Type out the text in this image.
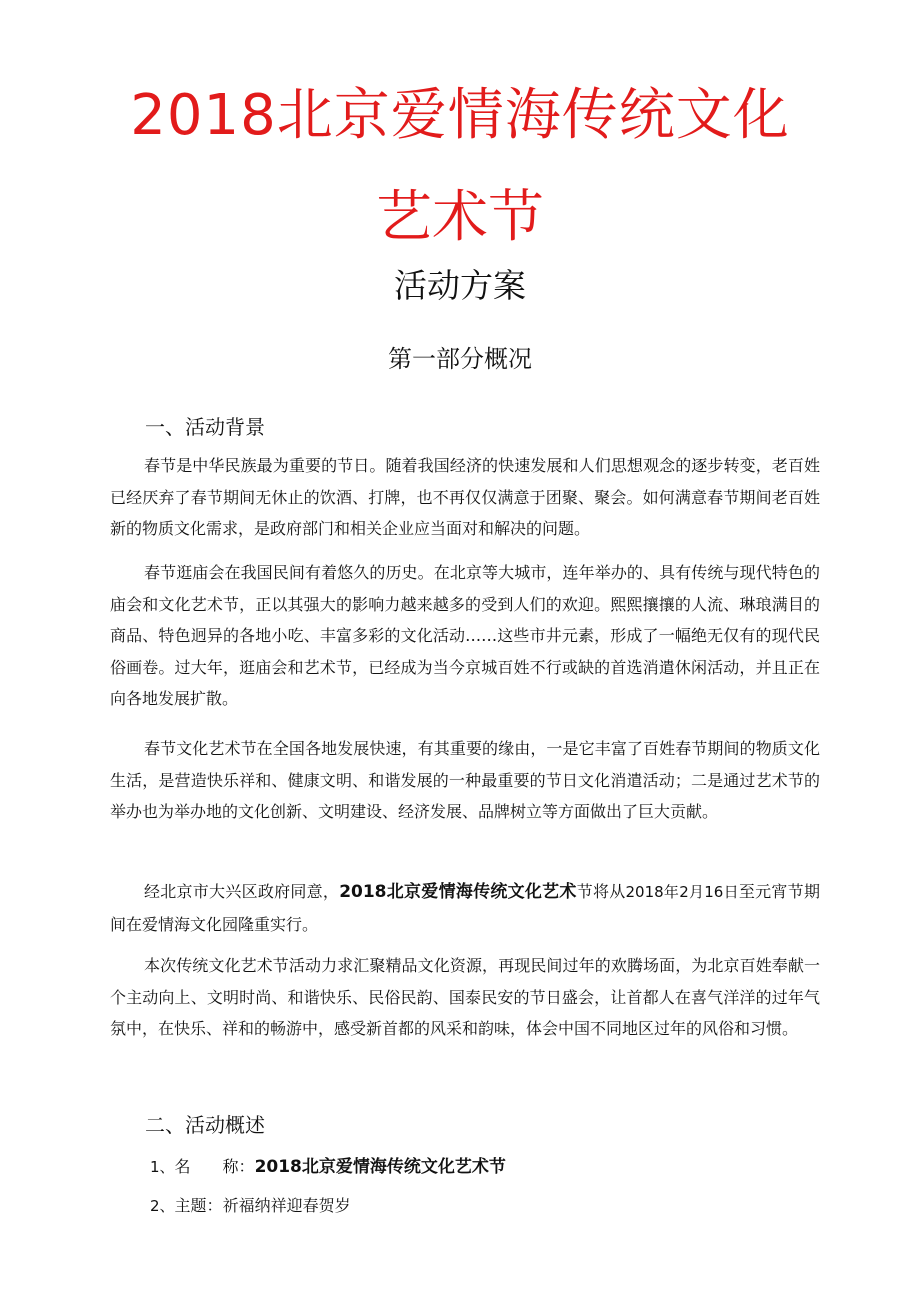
2018北京爱情海传统文化
艺术节
活动方案
第一部分概况
一、活动背景

春节是中华民族最为重要的节日。随着我国经济的快速发展和人们思想观念的逐步转变，老百姓已经厌弃了春节期间无休止的饮酒、打牌，也不再仅仅满意于团聚、聚会。如何满意春节期间老百姓新的物质文化需求，是政府部门和相关企业应当面对和解决的问题。

春节逛庙会在我国民间有着悠久的历史。在北京等大城市，连年举办的、具有传统与现代特色的庙会和文化艺术节，正以其强大的影响力越来越多的受到人们的欢迎。熙熙攘攘的人流、琳琅满目的商品、特色迥异的各地小吃、丰富多彩的文化活动……这些市井元素，形成了一幅绝无仅有的现代民俗画卷。过大年，逛庙会和艺术节，已经成为当今京城百姓不行或缺的首选消遣休闲活动，并且正在向各地发展扩散。

春节文化艺术节在全国各地发展快速，有其重要的缘由，一是它丰富了百姓春节期间的物质文化生活，是营造快乐祥和、健康文明、和谐发展的一种最重要的节日文化消遣活动；二是通过艺术节的举办也为举办地的文化创新、文明建设、经济发展、品牌树立等方面做出了巨大贡献。

经北京市大兴区政府同意，2018北京爱情海传统文化艺术节将从2018年2月16日至元宵节期间在爱情海文化园隆重实行。

本次传统文化艺术节活动力求汇聚精品文化资源，再现民间过年的欢腾场面，为北京百姓奉献一个主动向上、文明时尚、和谐快乐、民俗民韵、国泰民安的节日盛会，让首都人在喜气洋洋的过年气氛中，在快乐、祥和的畅游中，感受新首都的风采和韵味，体会中国不同地区过年的风俗和习惯。

二、活动概述
1、名　　称：2018北京爱情海传统文化艺术节
2、主题：祈福纳祥迎春贺岁
